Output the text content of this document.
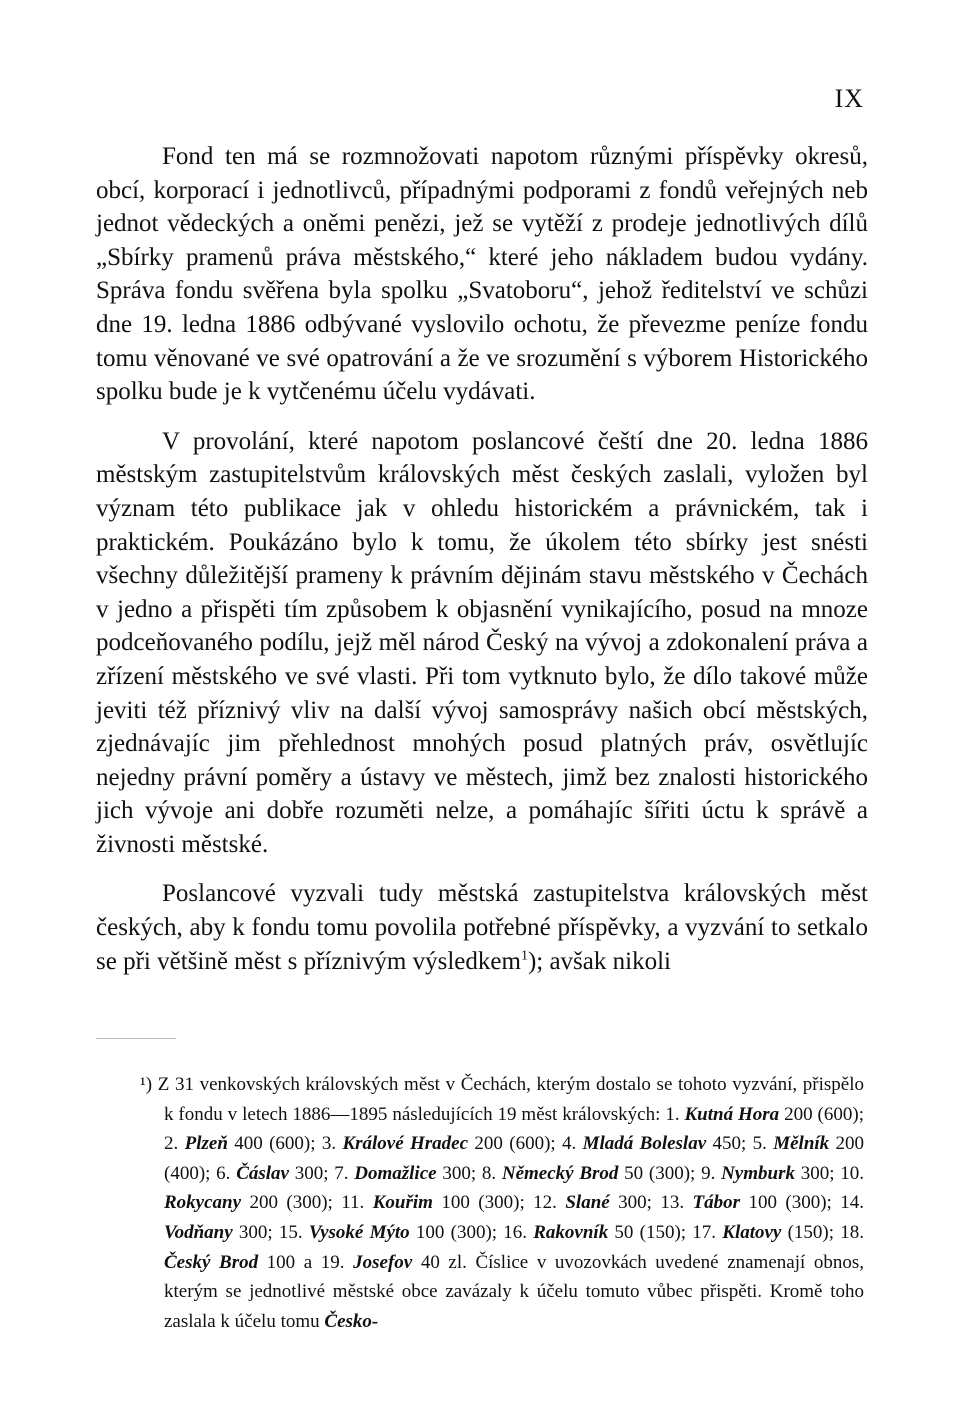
IX

Fond ten má se rozmnožovati napotom různými příspěvky okresů, obcí, korporací i jednotlivců, případnými podporami z fondů veřejných neb jednot vědeckých a oněmi penězi, jež se vytěží z prodeje jednotlivých dílů „Sbírky pramenů práva městského,“ které jeho nákladem budou vydány. Správa fondu svěřena byla spolku „Svatoboru“, jehož ředitelství ve schůzi dne 19. ledna 1886 odbývané vyslovilo ochotu, že převezme peníze fondu tomu věnované ve své opatrování a že ve srozumění s výborem Historického spolku bude je k vytčenému účelu vydávati.

V provolání, které napotom poslancové čeští dne 20. ledna 1886 městským zastupitelstvům královských měst českých zaslali, vyložen byl význam této publikace jak v ohledu historickém a právnickém, tak i praktickém. Poukázáno bylo k tomu, že úkolem této sbírky jest snésti všechny důležitější prameny k právním dějinám stavu městského v Čechách v jedno a přispěti tím způsobem k objasnění vynikajícího, posud na mnoze podceňovaného podílu, jejž měl národ Český na vývoj a zdokonalení práva a zřízení městského ve své vlasti. Při tom vytknuto bylo, že dílo takové může jeviti též příznivý vliv na další vývoj samosprávy našich obcí městských, zjednávajíc jim přehlednost mnohých posud platných práv, osvětlujíc nejedny právní poměry a ústavy ve městech, jimž bez znalosti historického jich vývoje ani dobře rozuměti nelze, a pomáhajíc šířiti úctu k správě a živnosti městské.

Poslancové vyzvali tudy městská zastupitelstva královských měst českých, aby k fondu tomu povolila potřebné příspěvky, a vyzvání to setkalo se při většině měst s příznivým výsledkem$^1$); avšak nikoli

¹) Z 31 venkovských královských měst v Čechách, kterým dostalo se tohoto vyzvání, přispělo k fondu v letech 1886—1895 následujících 19 měst královských: 1. Kutná Hora 200 (600); 2. Plzeň 400 (600); 3. Králové Hradec 200 (600); 4. Mladá Boleslav 450; 5. Mělník 200 (400); 6. Čáslav 300; 7. Domažlice 300; 8. Německý Brod 50 (300); 9. Nymburk 300; 10. Rokycany 200 (300); 11. Kouřim 100 (300); 12. Slané 300; 13. Tábor 100 (300); 14. Vodňany 300; 15. Vysoké Mýto 100 (300); 16. Rakovník 50 (150); 17. Klatovy (150); 18. Český Brod 100 a 19. Josefov 40 zl. Číslice v uvozovkách uvedené znamenají obnos, kterým se jednotlivé městské obce zavázaly k účelu tomuto vůbec přispěti. Kromě toho zaslala k účelu tomu Česko-
